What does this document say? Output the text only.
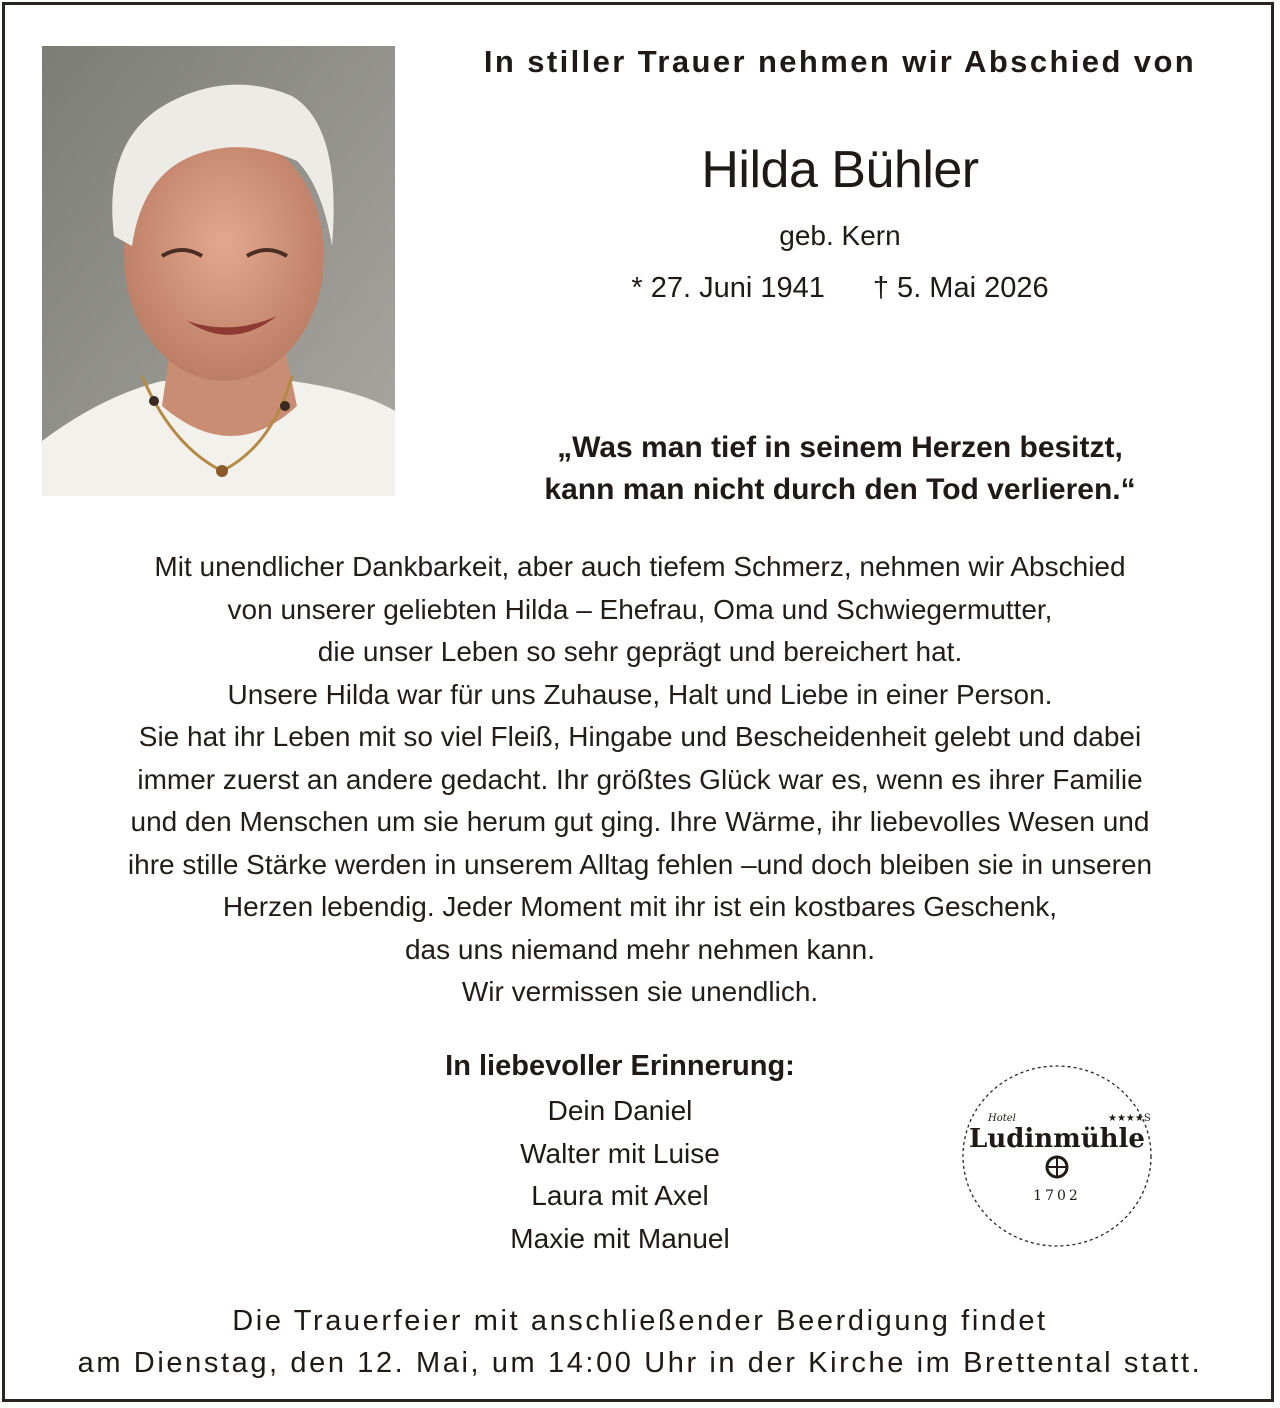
In stiller Trauer nehmen wir Abschied von
Hilda Bühler
geb. Kern
* 27. Juni 1941 † 5. Mai 2026
„Was man tief in seinem Herzen besitzt,
kann man nicht durch den Tod verlieren.“
Mit unendlicher Dankbarkeit, aber auch tiefem Schmerz, nehmen wir Abschied
von unserer geliebten Hilda – Ehefrau, Oma und Schwiegermutter,
die unser Leben so sehr geprägt und bereichert hat.
Unsere Hilda war für uns Zuhause, Halt und Liebe in einer Person.
Sie hat ihr Leben mit so viel Fleiß, Hingabe und Bescheidenheit gelebt und dabei
immer zuerst an andere gedacht. Ihr größtes Glück war es, wenn es ihrer Familie
und den Menschen um sie herum gut ging. Ihre Wärme, ihr liebevolles Wesen und
ihre stille Stärke werden in unserem Alltag fehlen –und doch bleiben sie in unseren
Herzen lebendig. Jeder Moment mit ihr ist ein kostbares Geschenk,
das uns niemand mehr nehmen kann.
Wir vermissen sie unendlich.
In liebevoller Erinnerung:
Dein Daniel
Walter mit Luise
Laura mit Axel
Maxie mit Manuel
Hotel	★★★★S
Ludinmühle
1702
Die Trauerfeier mit anschließender Beerdigung findet
am Dienstag, den 12. Mai, um 14:00 Uhr in der Kirche im Brettental statt.
